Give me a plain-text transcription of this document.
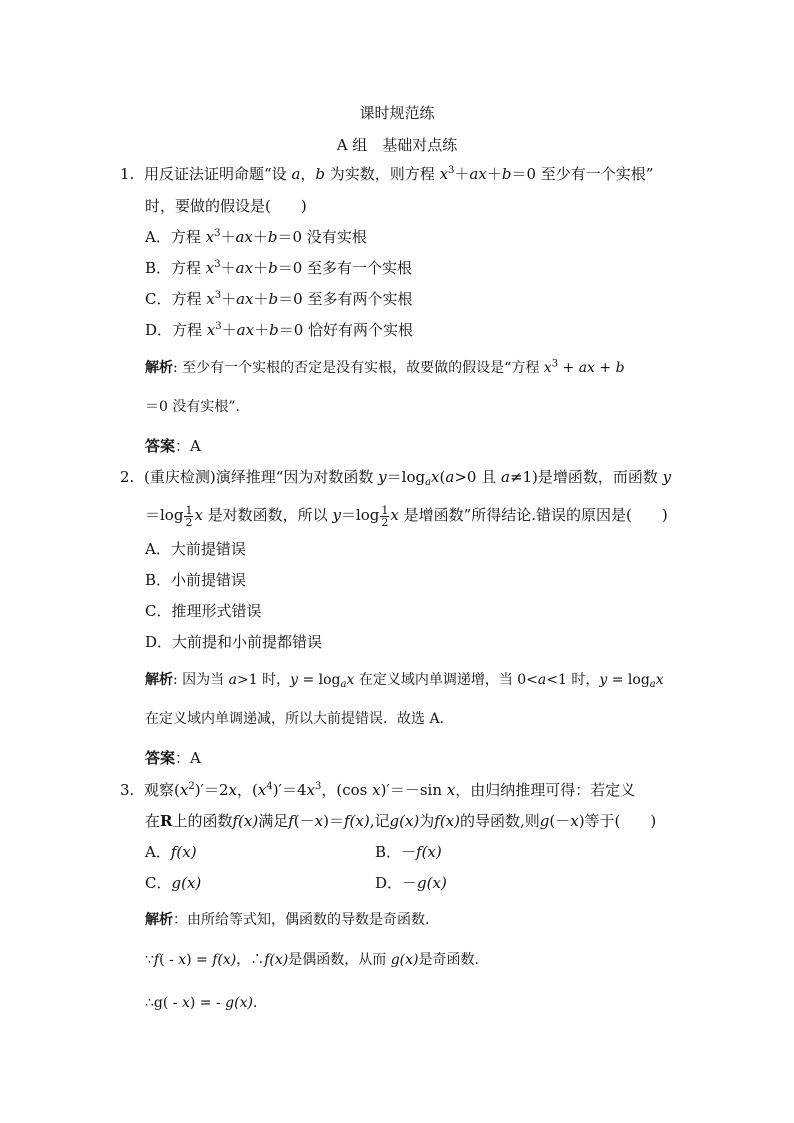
课时规范练
A 组　基础对点练
1. 用反证法证明命题“设 a，b 为实数，则方程 $x^3+ax+b=0$ 至少有一个实根”
时，要做的假设是(　　)
A．方程 $x^3+ax+b=0$ 没有实根
B．方程 $x^3+ax+b=0$ 至多有一个实根
C．方程 $x^3+ax+b=0$ 至多有两个实根
D．方程 $x^3+ax+b=0$ 恰好有两个实根
解析: 至少有一个实根的否定是没有实根，故要做的假设是“方程 $x^3$ + ax + b
＝0 没有实根”.
答案：A
2. (重庆检测)演绎推理“因为对数函数 $y=\log_ax(a>0$ 且 a≠1)是增函数，而函数 y
$=\log \frac{1}{2}$ x 是对数函数，所以 $y=\log \frac{1}{2}$ x 是增函数”所得结论.错误的原因是(　　)
A．大前提错误
B．小前提错误
C．推理形式错误
D．大前提和小前提都错误
解析: 因为当 a>1 时，$y = \log_ax$ 在定义域内单调递增，当 0<a<1 时，$y = \log_ax$
在定义域内单调递减，所以大前提错误．故选 A.
答案：A
3. 观察$(x^2)'=2x$，$(x^4)'=4x^3$，(cos x)′＝－sin x，由归纳推理可得：若定义
在R上的函数f(x)满足f(－x)＝f(x),记g(x)为f(x)的导函数,则g(－x)等于(　　)
A．f(x)	B．－f(x)
C．g(x)	D．－g(x)
解析：由所给等式知，偶函数的导数是奇函数．
∵f( - x) = f(x)，∴f(x)是偶函数，从而 g(x)是奇函数．
∴g( - x) = - g(x)．
